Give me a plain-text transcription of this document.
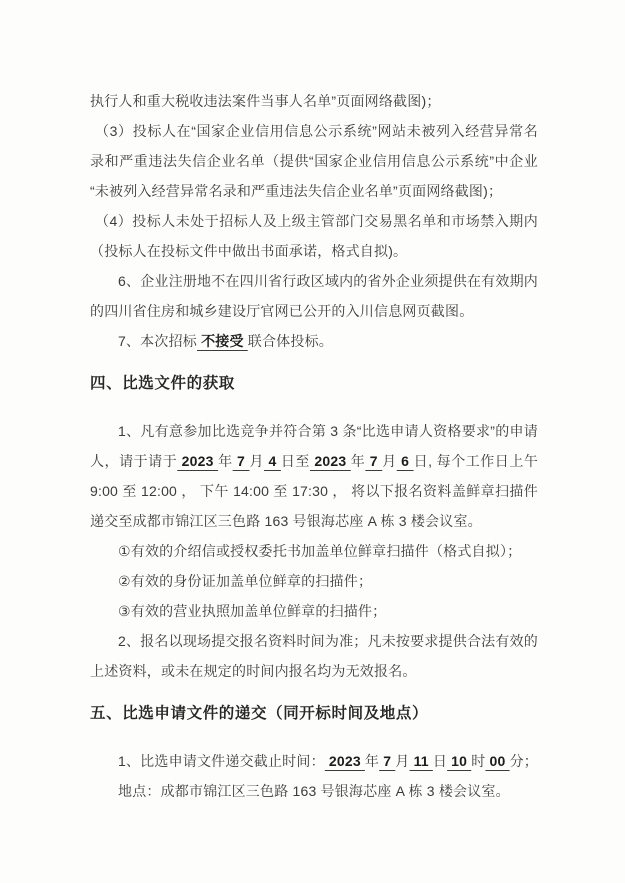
执行人和重大税收违法案件当事人名单”页面网络截图)；

（3）投标人在“国家企业信用信息公示系统”网站未被列入经营异常名录和严重违法失信企业名单（提供“国家企业信用信息公示系统”中企业“未被列入经营异常名录和严重违法失信企业名单”页面网络截图)；

（4）投标人未处于招标人及上级主管部门交易黑名单和市场禁入期内（投标人在投标文件中做出书面承诺，格式自拟)。

6、企业注册地不在四川省行政区域内的省外企业须提供在有效期内的四川省住房和城乡建设厅官网已公开的入川信息网页截图。

7、本次招标 不接受 联合体投标。

四、比选文件的获取

1、凡有意参加比选竞争并符合第 3 条“比选申请人资格要求”的申请人，请于请于 2023 年 7 月 4 日至 2023 年 7 月 6 日, 每个工作日上午 9:00 至 12:00 ， 下午 14:00 至 17:30 ， 将以下报名资料盖鲜章扫描件递交至成都市锦江区三色路 163 号银海芯座 A 栋 3 楼会议室。

①有效的介绍信或授权委托书加盖单位鲜章扫描件（格式自拟）；

②有效的身份证加盖单位鲜章的扫描件；

③有效的营业执照加盖单位鲜章的扫描件；

2、报名以现场提交报名资料时间为准；凡未按要求提供合法有效的上述资料，或未在规定的时间内报名均为无效报名。

五、比选申请文件的递交（同开标时间及地点）

1、比选申请文件递交截止时间： 2023 年 7 月 11 日 10 时 00 分；

地点：成都市锦江区三色路 163 号银海芯座 A 栋 3 楼会议室。
